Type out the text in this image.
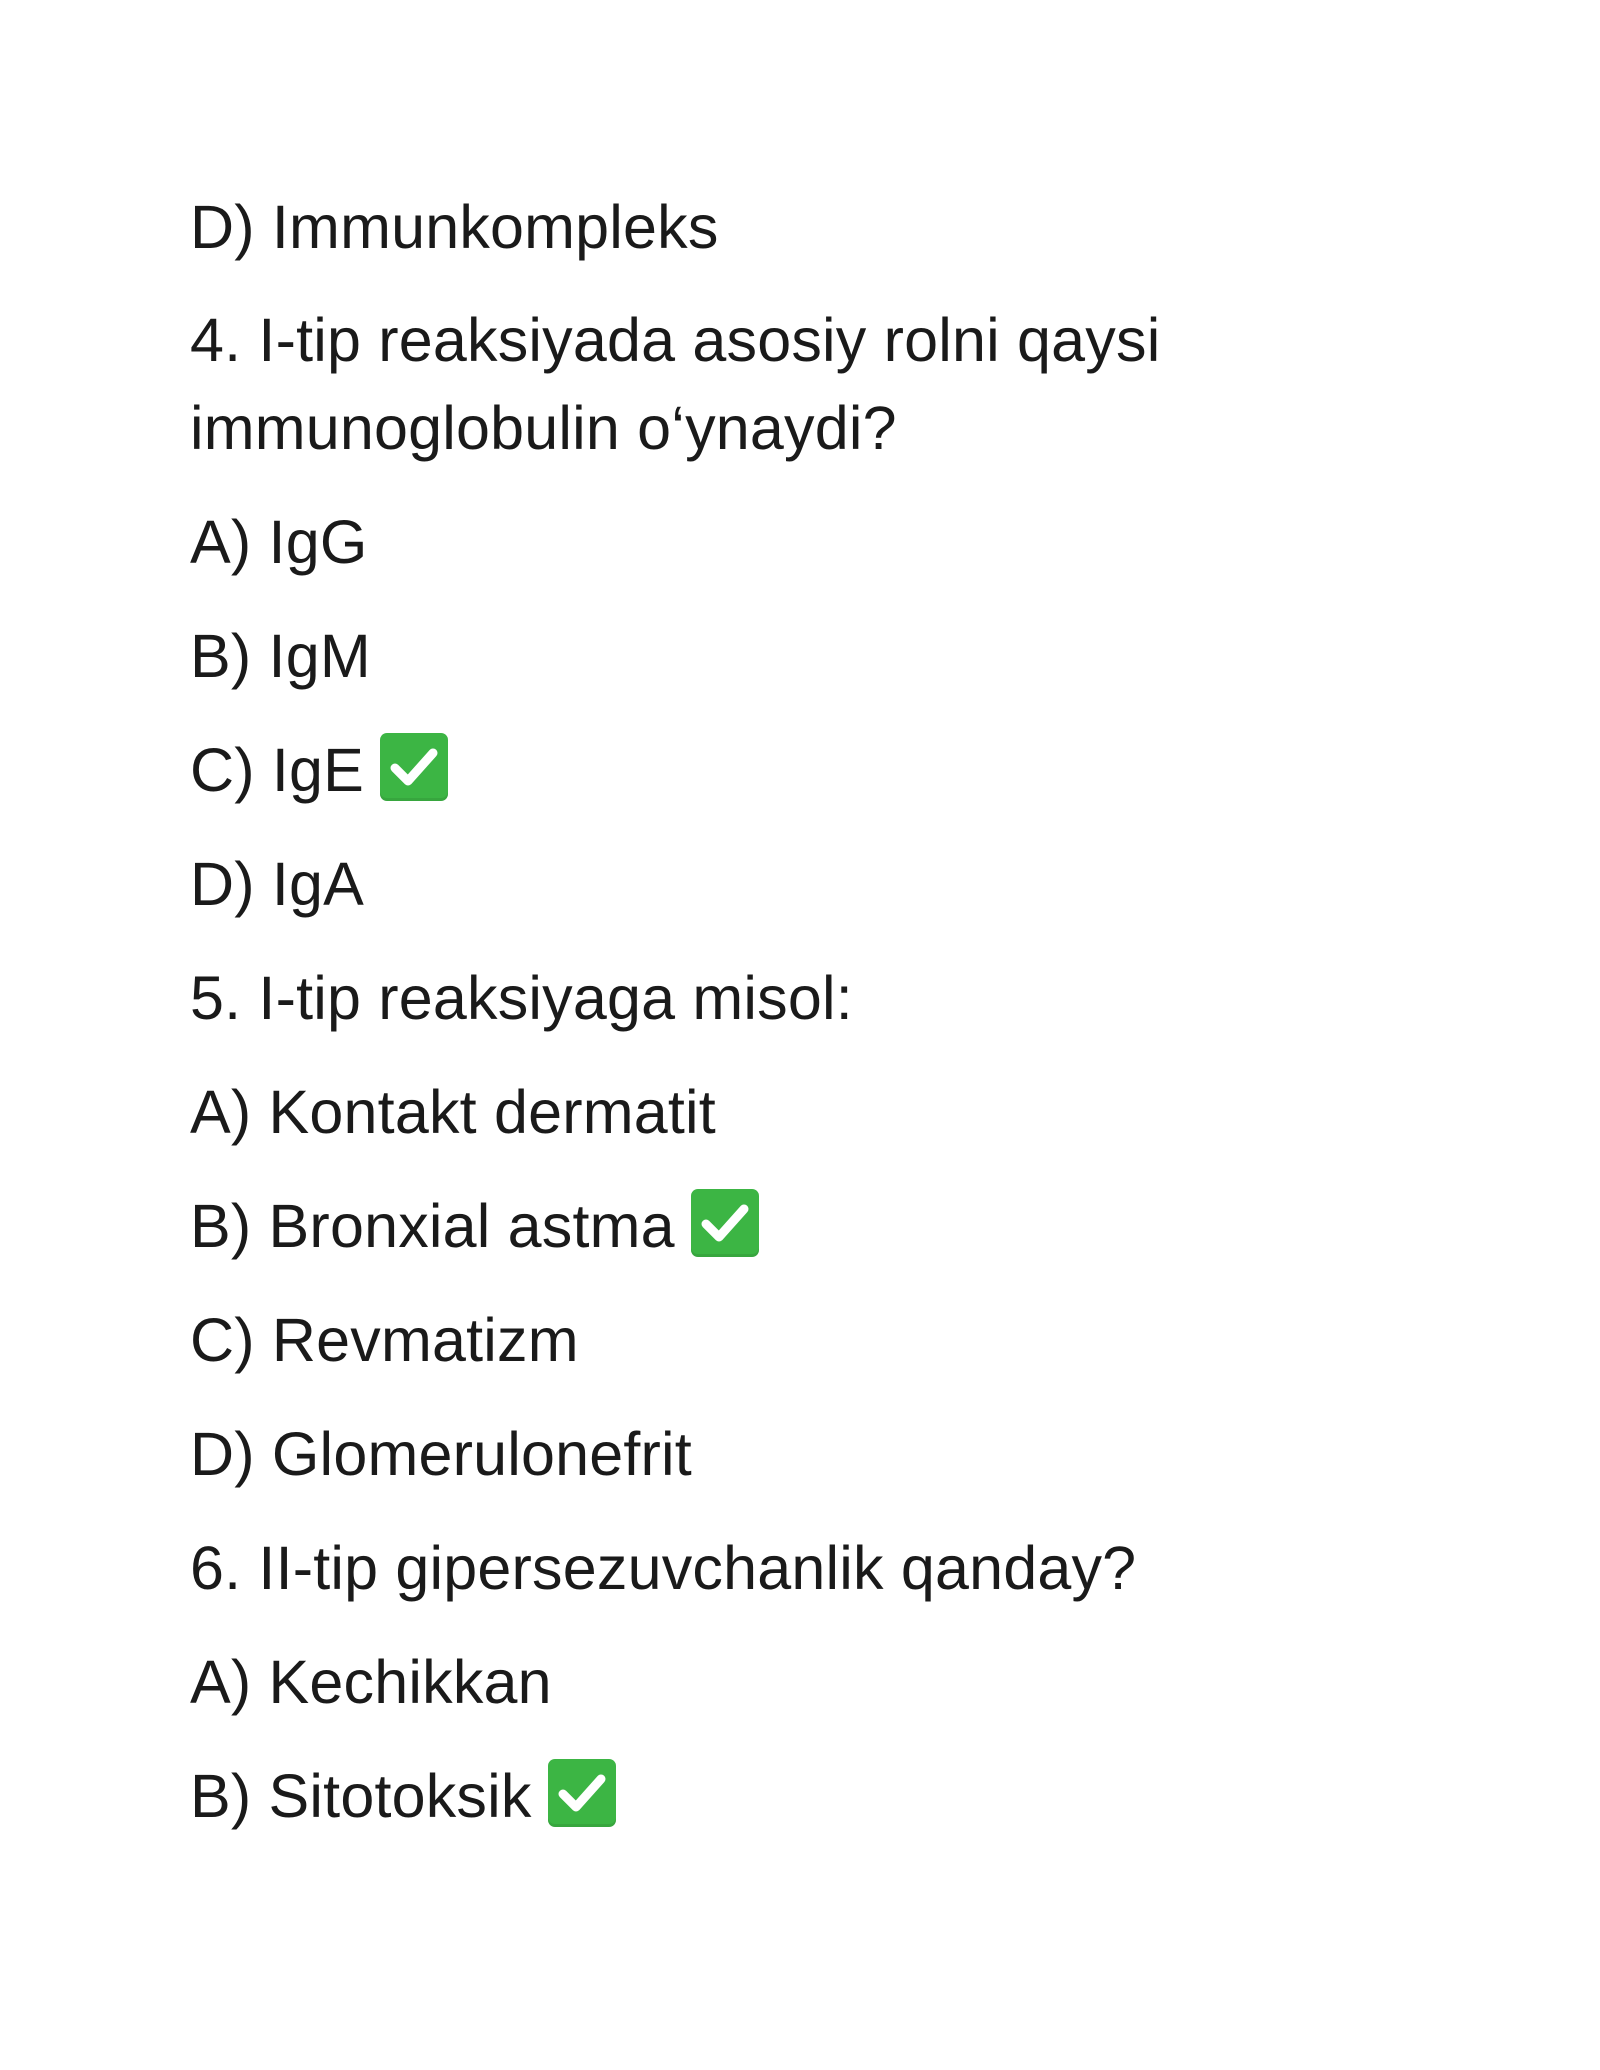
D) Immunkompleks
4. I-tip reaksiyada asosiy rolni qaysi
immunoglobulin o‘ynaydi?
A) IgG
B) IgM
C) IgE
D) IgA
5. I-tip reaksiyaga misol:
A) Kontakt dermatit
B) Bronxial astma
C) Revmatizm
D) Glomerulonefrit
6. II-tip gipersezuvchanlik qanday?
A) Kechikkan
B) Sitotoksik
